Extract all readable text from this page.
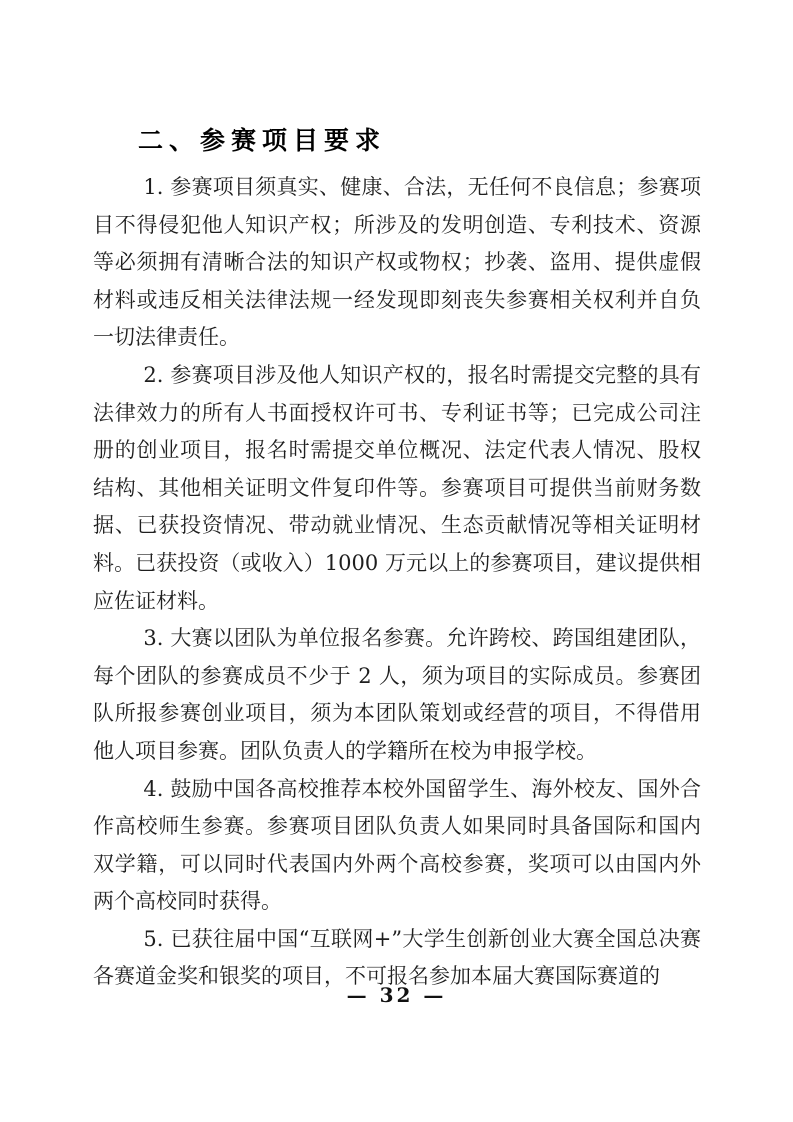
二、参赛项目要求

1. 参赛项目须真实、健康、合法，无任何不良信息；参赛项目不得侵犯他人知识产权；所涉及的发明创造、专利技术、资源等必须拥有清晰合法的知识产权或物权；抄袭、盗用、提供虚假材料或违反相关法律法规一经发现即刻丧失参赛相关权利并自负一切法律责任。

2. 参赛项目涉及他人知识产权的，报名时需提交完整的具有法律效力的所有人书面授权许可书、专利证书等；已完成公司注册的创业项目，报名时需提交单位概况、法定代表人情况、股权结构、其他相关证明文件复印件等。参赛项目可提供当前财务数据、已获投资情况、带动就业情况、生态贡献情况等相关证明材料。已获投资（或收入）1000 万元以上的参赛项目，建议提供相应佐证材料。

3. 大赛以团队为单位报名参赛。允许跨校、跨国组建团队，每个团队的参赛成员不少于 2 人，须为项目的实际成员。参赛团队所报参赛创业项目，须为本团队策划或经营的项目，不得借用他人项目参赛。团队负责人的学籍所在校为申报学校。

4. 鼓励中国各高校推荐本校外国留学生、海外校友、国外合作高校师生参赛。参赛项目团队负责人如果同时具备国际和国内双学籍，可以同时代表国内外两个高校参赛，奖项可以由国内外两个高校同时获得。

5. 已获往届中国“互联网+”大学生创新创业大赛全国总决赛各赛道金奖和银奖的项目，不可报名参加本届大赛国际赛道的

— 32 —
